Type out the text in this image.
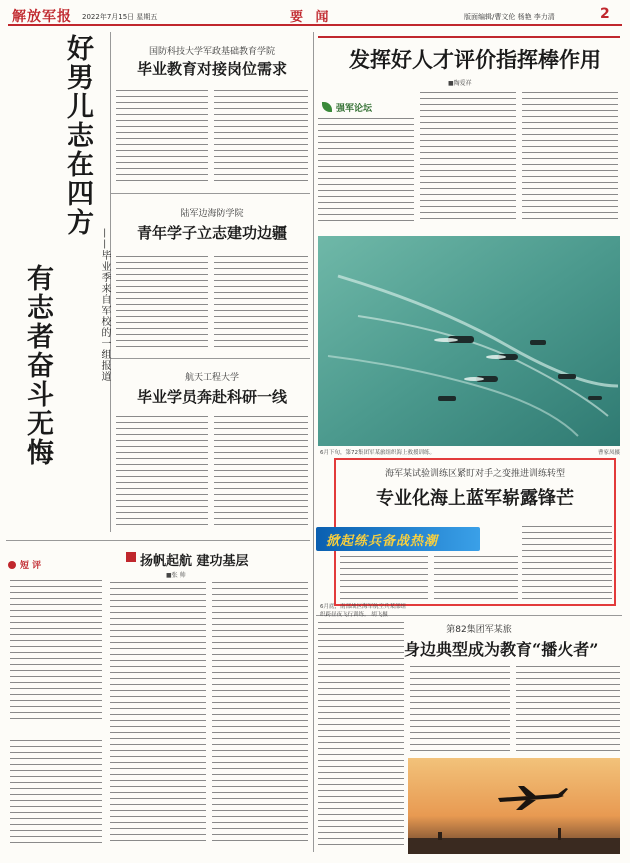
解放军报 2022年7月15日 星期五	要 闻	版面编辑/曹文伦 杨艳 李力清	2
好男儿志在四方
有志者奋斗无悔	——毕业季来自军校的一组报道
国防科技大学军政基础教育学院
毕业教育对接岗位需求
陆军边海防学院
青年学子立志建功边疆
航天工程大学
毕业学员奔赴科研一线
短 评	扬帆起航 建功基层
■张 帅
发挥好人才评价指挥棒作用
■陶爱祥
强军论坛
6月下旬，第72集团军某旅组织海上救援训练。	曹家凤摄
海军某试验训练区紧盯对手之变推进训练转型
专业化海上蓝军崭露锋芒
掀起练兵备战热潮
6月底，南部战区海军航空兵某部组织跨昼夜飞行训练。 胡飞摄
第82集团军某旅
身边典型成为教育“播火者”
